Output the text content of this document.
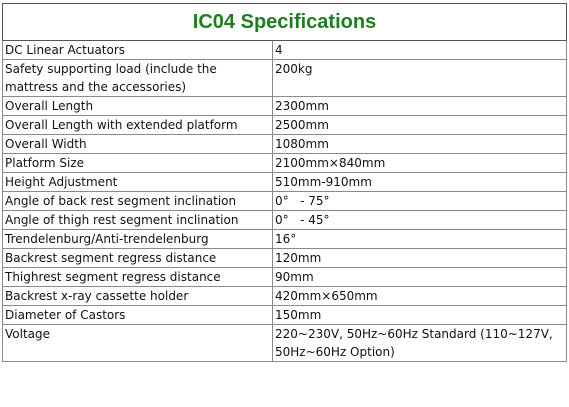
IC04 Specifications	
DC Linear Actuators	4
Safety supporting load (include the mattress and the accessories)	200kg
Overall Length	2300mm
Overall Length with extended platform	2500mm
Overall Width	1080mm
Platform Size	2100mm×840mm
Height Adjustment	510mm-910mm
Angle of back rest segment inclination	0°   - 75°
Angle of thigh rest segment inclination	0°   - 45°
Trendelenburg/Anti-trendelenburg	16°
Backrest segment regress distance	120mm
Thighrest segment regress distance	90mm
Backrest x-ray cassette holder	420mm×650mm
Diameter of Castors	150mm
Voltage	220~230V, 50Hz~60Hz Standard (110~127V, 50Hz~60Hz Option)
